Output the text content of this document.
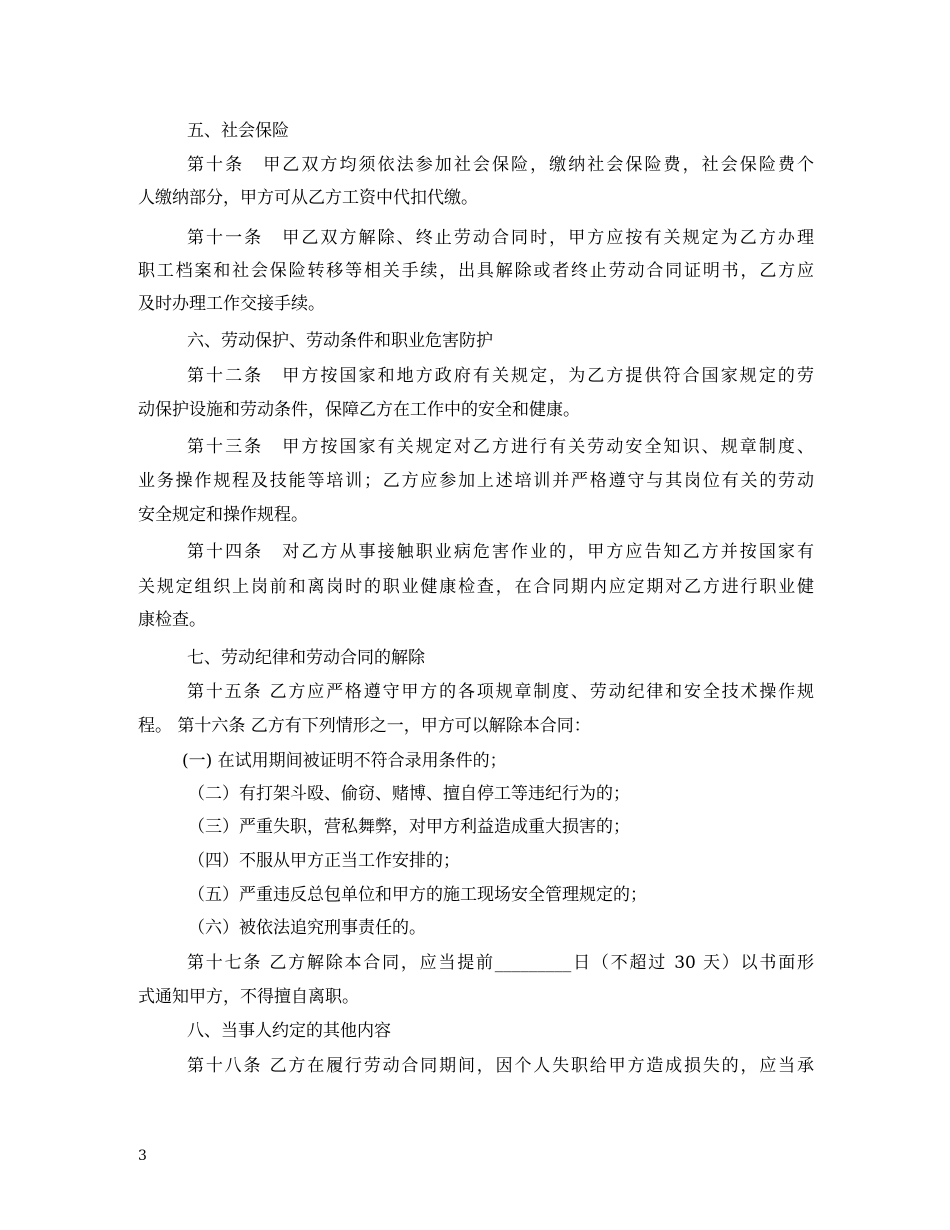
五、社会保险
第十条　甲乙双方均须依法参加社会保险，缴纳社会保险费，社会保险费个
人缴纳部分，甲方可从乙方工资中代扣代缴。
第十一条　甲乙双方解除、终止劳动合同时，甲方应按有关规定为乙方办理
职工档案和社会保险转移等相关手续，出具解除或者终止劳动合同证明书，乙方应
及时办理工作交接手续。
六、劳动保护、劳动条件和职业危害防护
第十二条　甲方按国家和地方政府有关规定，为乙方提供符合国家规定的劳
动保护设施和劳动条件，保障乙方在工作中的安全和健康。
第十三条　甲方按国家有关规定对乙方进行有关劳动安全知识、规章制度、
业务操作规程及技能等培训；乙方应参加上述培训并严格遵守与其岗位有关的劳动
安全规定和操作规程。
第十四条　对乙方从事接触职业病危害作业的，甲方应告知乙方并按国家有
关规定组织上岗前和离岗时的职业健康检查，在合同期内应定期对乙方进行职业健
康检查。
七、劳动纪律和劳动合同的解除
第十五条 乙方应严格遵守甲方的各项规章制度、劳动纪律和安全技术操作规
程。 第十六条 乙方有下列情形之一，甲方可以解除本合同：
(一) 在试用期间被证明不符合录用条件的；
（二）有打架斗殴、偷窃、赌博、擅自停工等违纪行为的；
（三）严重失职，营私舞弊，对甲方利益造成重大损害的；
（四）不服从甲方正当工作安排的；
（五）严重违反总包单位和甲方的施工现场安全管理规定的；
（六）被依法追究刑事责任的。
第十七条 乙方解除本合同，应当提前_________日（不超过 30 天）以书面形
式通知甲方，不得擅自离职。
八、当事人约定的其他内容
第十八条 乙方在履行劳动合同期间，因个人失职给甲方造成损失的，应当承
3
